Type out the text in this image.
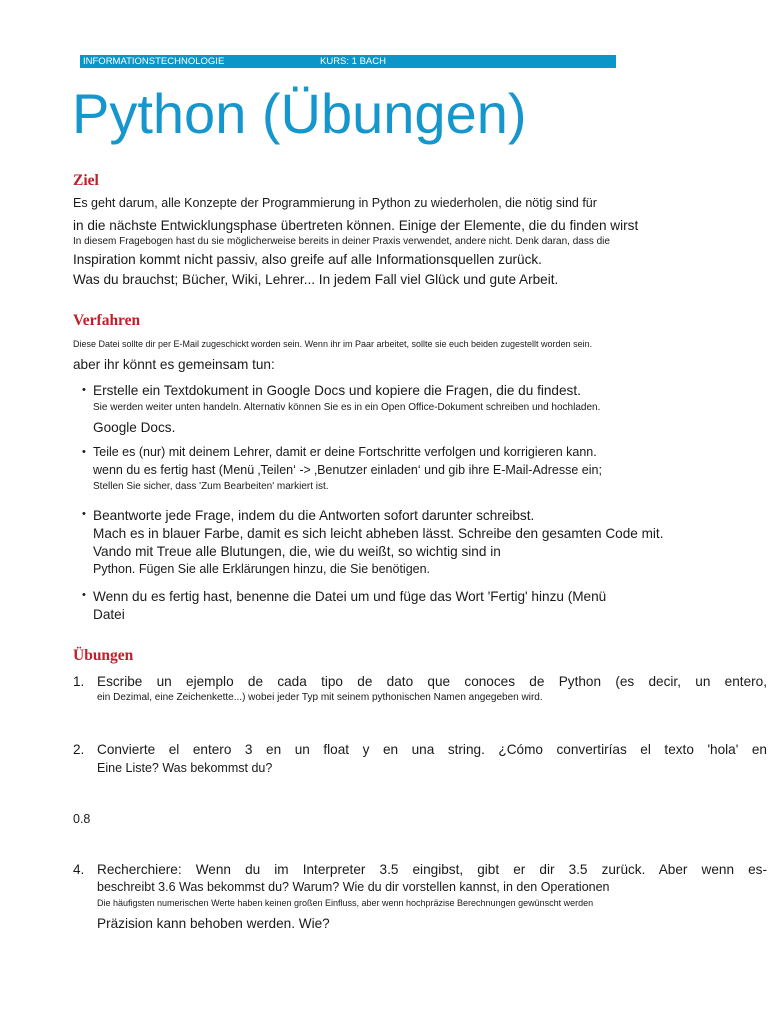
INFORMATIONSTECHNOLOGIE	KURS: 1 BACH
Python (Übungen)
Ziel
Es geht darum, alle Konzepte der Programmierung in Python zu wiederholen, die nötig sind für
in die nächste Entwicklungsphase übertreten können. Einige der Elemente, die du finden wirst
In diesem Fragebogen hast du sie möglicherweise bereits in deiner Praxis verwendet, andere nicht. Denk daran, dass die
Inspiration kommt nicht passiv, also greife auf alle Informationsquellen zurück.
Was du brauchst; Bücher, Wiki, Lehrer... In jedem Fall viel Glück und gute Arbeit.
Verfahren
Diese Datei sollte dir per E-Mail zugeschickt worden sein. Wenn ihr im Paar arbeitet, sollte sie euch beiden zugestellt worden sein.
aber ihr könnt es gemeinsam tun:
• Erstelle ein Textdokument in Google Docs und kopiere die Fragen, die du findest.
Sie werden weiter unten handeln. Alternativ können Sie es in ein Open Office-Dokument schreiben und hochladen.
Google Docs.
• Teile es (nur) mit deinem Lehrer, damit er deine Fortschritte verfolgen und korrigieren kann.
wenn du es fertig hast (Menü ‚Teilen‘ -> ‚Benutzer einladen‘ und gib ihre E-Mail-Adresse ein;
Stellen Sie sicher, dass 'Zum Bearbeiten' markiert ist.
• Beantworte jede Frage, indem du die Antworten sofort darunter schreibst.
Mach es in blauer Farbe, damit es sich leicht abheben lässt. Schreibe den gesamten Code mit.
Vando mit Treue alle Blutungen, die, wie du weißt, so wichtig sind in
Python. Fügen Sie alle Erklärungen hinzu, die Sie benötigen.
• Wenn du es fertig hast, benenne die Datei um und füge das Wort 'Fertig' hinzu (Menü
Datei
Übungen
1. Escribe un ejemplo de cada tipo de dato que conoces de Python (es decir, un entero,
ein Dezimal, eine Zeichenkette...) wobei jeder Typ mit seinem pythonischen Namen angegeben wird.
2. Convierte el entero 3 en un float y en una string. ¿Cómo convertirías el texto 'hola' en
Eine Liste? Was bekommst du?
0.8
4. Recherchiere: Wenn du im Interpreter 3.5 eingibst, gibt er dir 3.5 zurück. Aber wenn es-
beschreibt 3.6 Was bekommst du? Warum? Wie du dir vorstellen kannst, in den Operationen
Die häufigsten numerischen Werte haben keinen großen Einfluss, aber wenn hochpräzise Berechnungen gewünscht werden
Präzision kann behoben werden. Wie?
